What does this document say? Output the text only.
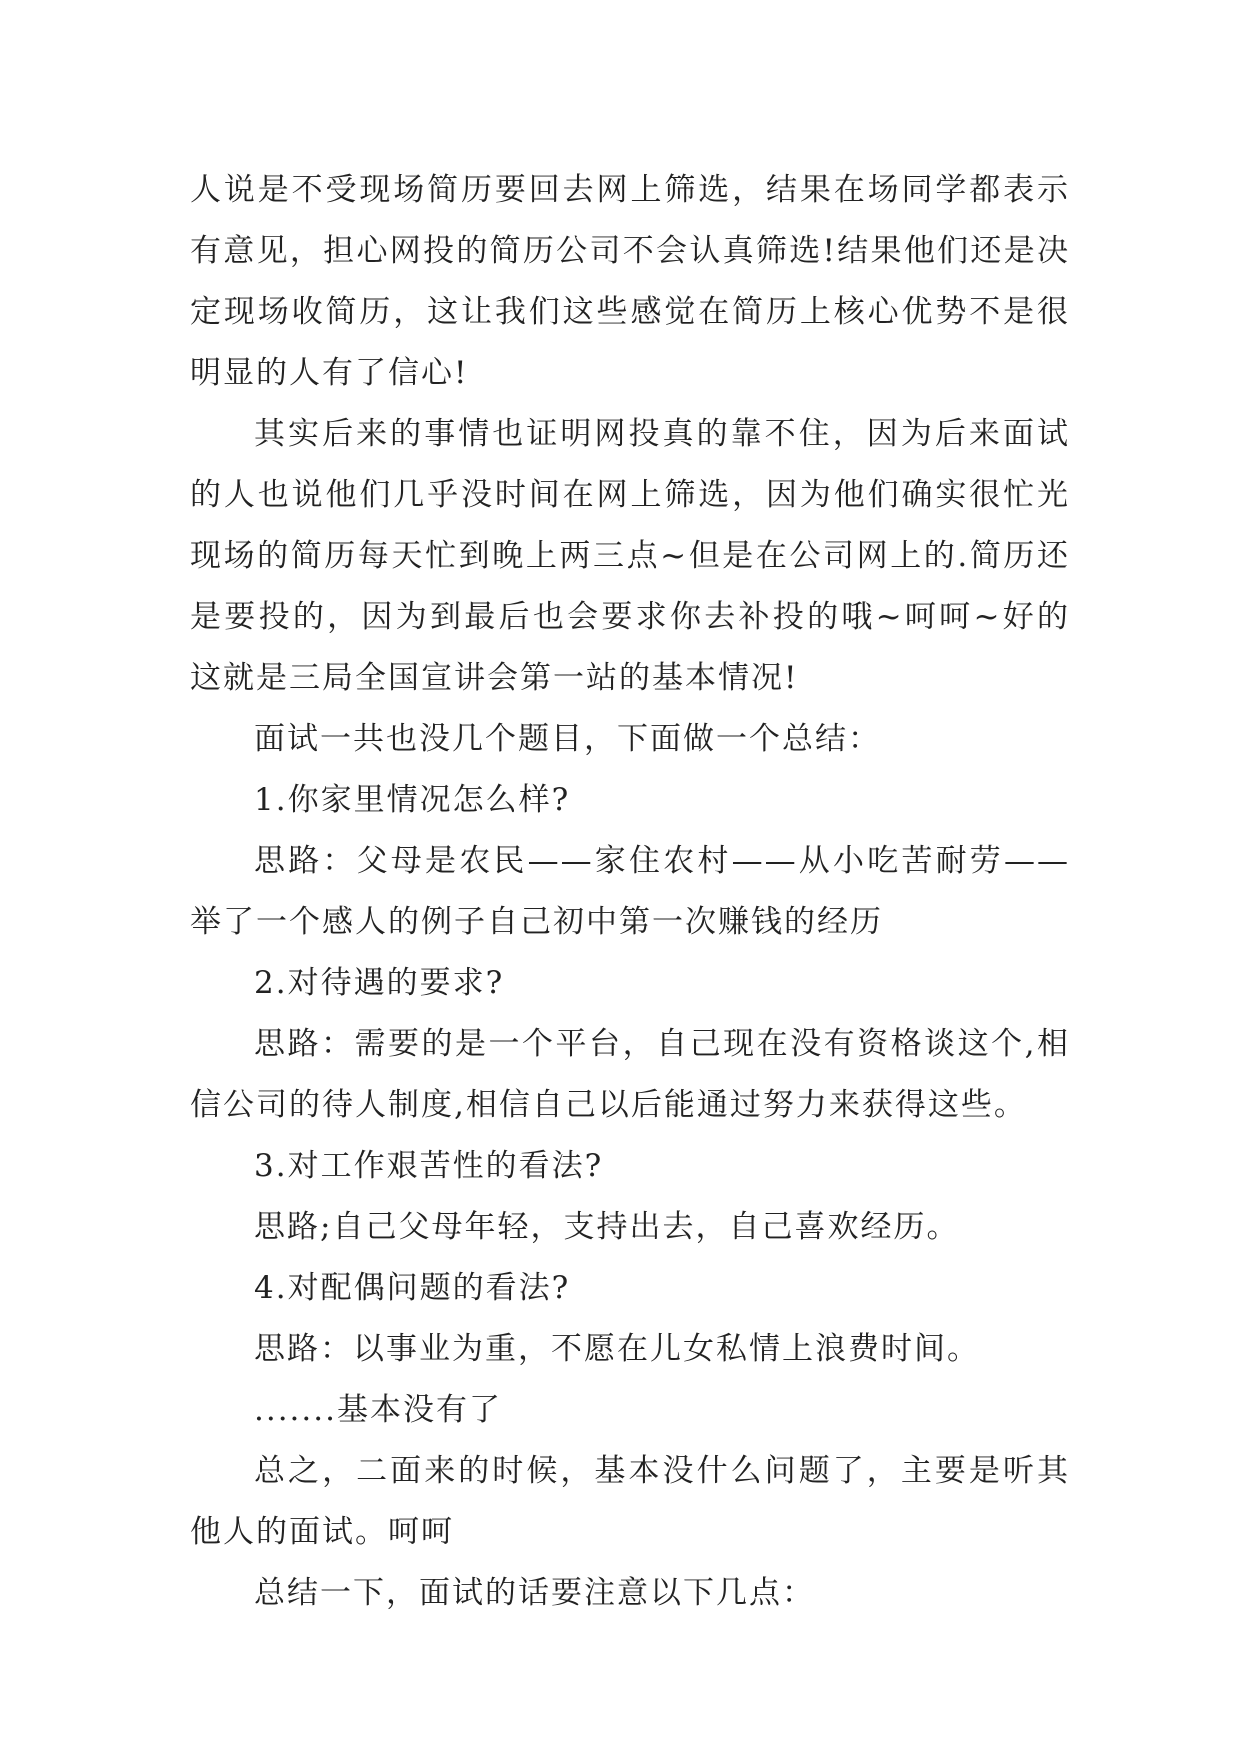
人说是不受现场简历要回去网上筛选，结果在场同学都表示有意见，担心网投的简历公司不会认真筛选!结果他们还是决定现场收简历，这让我们这些感觉在简历上核心优势不是很明显的人有了信心!

其实后来的事情也证明网投真的靠不住，因为后来面试的人也说他们几乎没时间在网上筛选，因为他们确实很忙光现场的简历每天忙到晚上两三点~但是在公司网上的.简历还是要投的，因为到最后也会要求你去补投的哦~呵呵~好的这就是三局全国宣讲会第一站的基本情况!

面试一共也没几个题目，下面做一个总结：

1.你家里情况怎么样?

思路：父母是农民——家住农村——从小吃苦耐劳—— 举了一个感人的例子自己初中第一次赚钱的经历

2.对待遇的要求?

思路：需要的是一个平台，自己现在没有资格谈这个,相信公司的待人制度,相信自己以后能通过努力来获得这些。

3.对工作艰苦性的看法?

思路;自己父母年轻，支持出去，自己喜欢经历。

4.对配偶问题的看法?

思路：以事业为重，不愿在儿女私情上浪费时间。

.......基本没有了

总之，二面来的时候，基本没什么问题了，主要是听其他人的面试。呵呵

总结一下，面试的话要注意以下几点：
